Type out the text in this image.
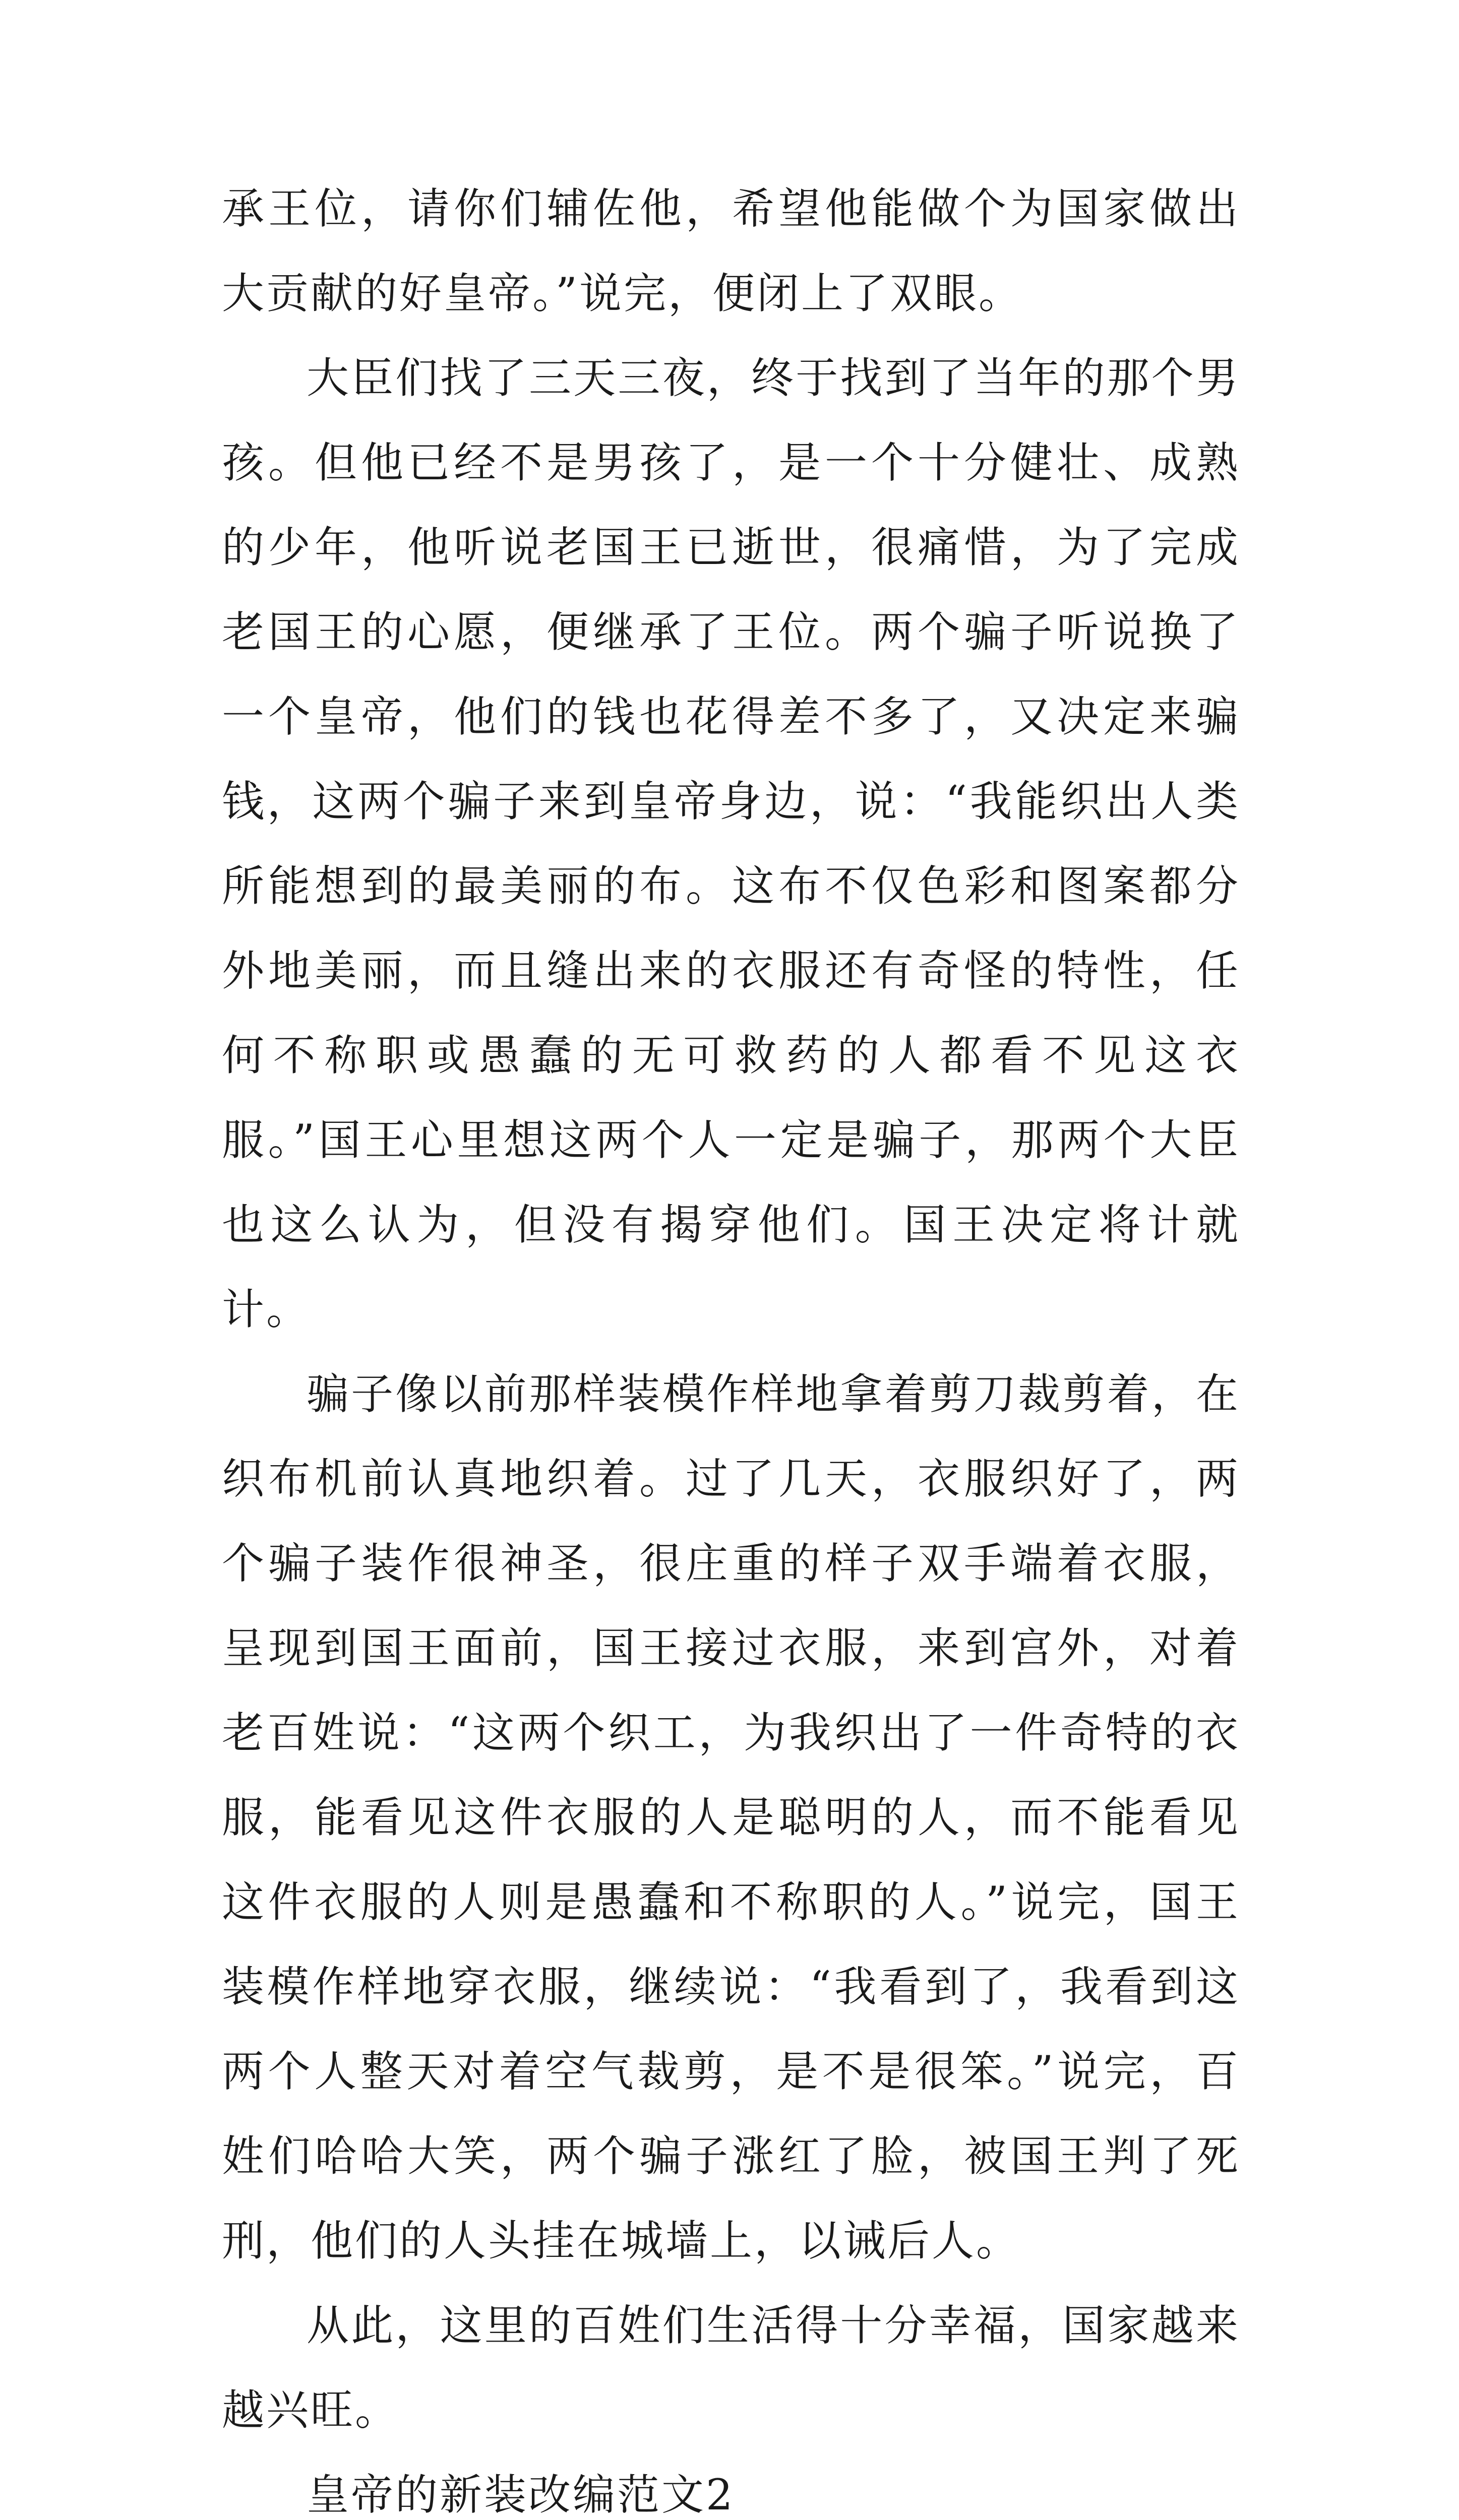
承王位，请你们辅佐他，希望他能做个为国家做出大贡献的好皇帝。”说完，便闭上了双眼。

大臣们找了三天三夜，终于找到了当年的那个男孩。但他已经不是男孩了，是一个十分健壮、成熟的少年，他听说老国王已逝世，很痛惜，为了完成老国王的心愿，便继承了王位。两个骗子听说换了一个皇帝，他们的钱也花得差不多了，又决定来骗钱，这两个骗子来到皇帝身边，说：“我能织出人类所能想到的最美丽的布。这布不仅色彩和图案都分外地美丽，而且缝出来的衣服还有奇怪的特性，任何不称职或愚蠢的无可救药的人都看不见这衣服。”国王心里想这两个人一定是骗子，那两个大臣也这么认为，但没有揭穿他们。国王决定将计就计。

骗子像以前那样装模作样地拿着剪刀裁剪着，在织布机前认真地织着。过了几天，衣服织好了，两个骗子装作很神圣，很庄重的样子双手端着衣服，呈现到国王面前，国王接过衣服，来到宫外，对着老百姓说：“这两个织工，为我织出了一件奇特的衣服，能看见这件衣服的人是聪明的人，而不能看见这件衣服的人则是愚蠢和不称职的人。”说完，国王装模作样地穿衣服，继续说：“我看到了，我看到这两个人整天对着空气裁剪，是不是很笨。”说完，百姓们哈哈大笑，两个骗子涨红了脸，被国王判了死刑，他们的人头挂在城墙上，以诫后人。

从此，这里的百姓们生活得十分幸福，国家越来越兴旺。

皇帝的新装改编范文2
